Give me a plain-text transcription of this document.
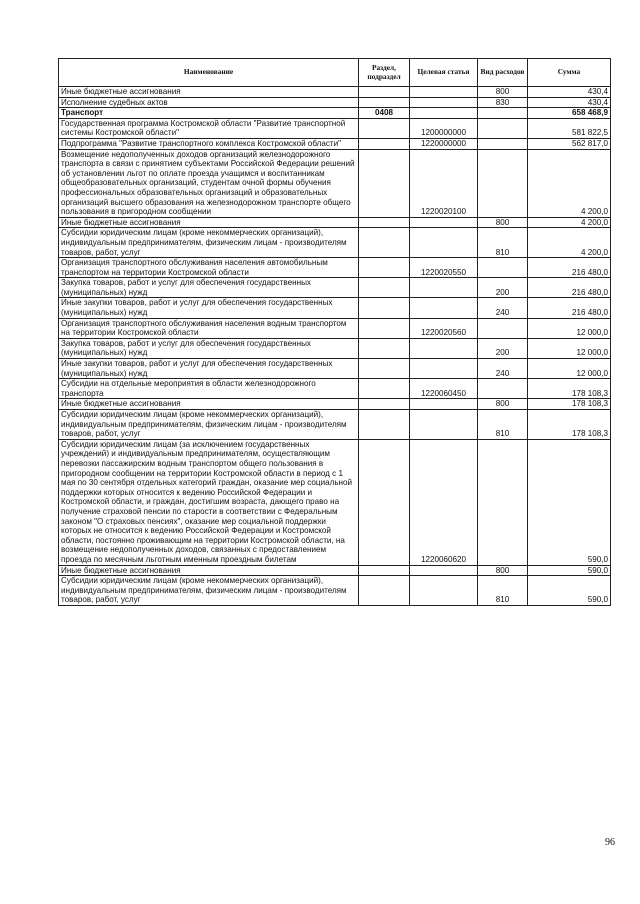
Наименование	Раздел, подраздел	Целевая статья	Вид расходов	Сумма
Иные бюджетные ассигнования			800	430,4
Исполнение судебных актов			830	430,4
Транспорт	0408			658 468,9
Государственная программа Костромской области "Развитие транспортной системы Костромской области"		1200000000		581 822,5
Подпрограмма "Развитие транспортного комплекса Костромской области"		1220000000		562 817,0
Возмещение недополученных доходов организаций железнодорожного транспорта в связи с принятием субъектами Российской Федерации решений об установлении льгот по оплате проезда учащимся и воспитанникам общеобразовательных организаций, студентам очной формы обучения профессиональных образовательных организаций и образовательных организаций высшего образования на железнодорожном транспорте общего пользования в пригородном сообщении		1220020100		4 200,0
Иные бюджетные ассигнования			800	4 200,0
Субсидии юридическим лицам (кроме некоммерческих организаций), индивидуальным предпринимателям, физическим лицам - производителям товаров, работ, услуг			810	4 200,0
Организация транспортного обслуживания населения автомобильным транспортом на территории Костромской области		1220020550		216 480,0
Закупка товаров, работ и услуг для обеспечения государственных (муниципальных) нужд			200	216 480,0
Иные закупки товаров, работ и услуг для обеспечения государственных (муниципальных) нужд			240	216 480,0
Организация транспортного обслуживания населения водным транспортом на территории Костромской области		1220020560		12 000,0
Закупка товаров, работ и услуг для обеспечения государственных (муниципальных) нужд			200	12 000,0
Иные закупки товаров, работ и услуг для обеспечения государственных (муниципальных) нужд			240	12 000,0
Субсидии на отдельные мероприятия в области железнодорожного транспорта		1220060450		178 108,3
Иные бюджетные ассигнования			800	178 108,3
Субсидии юридическим лицам (кроме некоммерческих организаций), индивидуальным предпринимателям, физическим лицам - производителям товаров, работ, услуг			810	178 108,3
Субсидии юридическим лицам (за исключением государственных учреждений) и индивидуальным предпринимателям, осуществляющим перевозки пассажирским водным транспортом общего пользования в пригородном сообщении на территории Костромской области в период с 1 мая по 30 сентября отдельных категорий граждан, оказание мер социальной поддержки которых относится к ведению Российской Федерации и Костромской области, и граждан, достигшим возраста, дающего право на получение страховой пенсии по старости в соответствии с Федеральным законом "О страховых пенсиях", оказание мер социальной поддержки которых не относится к ведению Российской Федерации и Костромской области, постоянно проживающим на территории Костромской области, на возмещение недополученных доходов, связанных с предоставлением проезда по месячным льготным именным проездным билетам		1220060620		590,0
Иные бюджетные ассигнования			800	590,0
Субсидии юридическим лицам (кроме некоммерческих организаций), индивидуальным предпринимателям, физическим лицам - производителям товаров, работ, услуг			810	590,0
96
